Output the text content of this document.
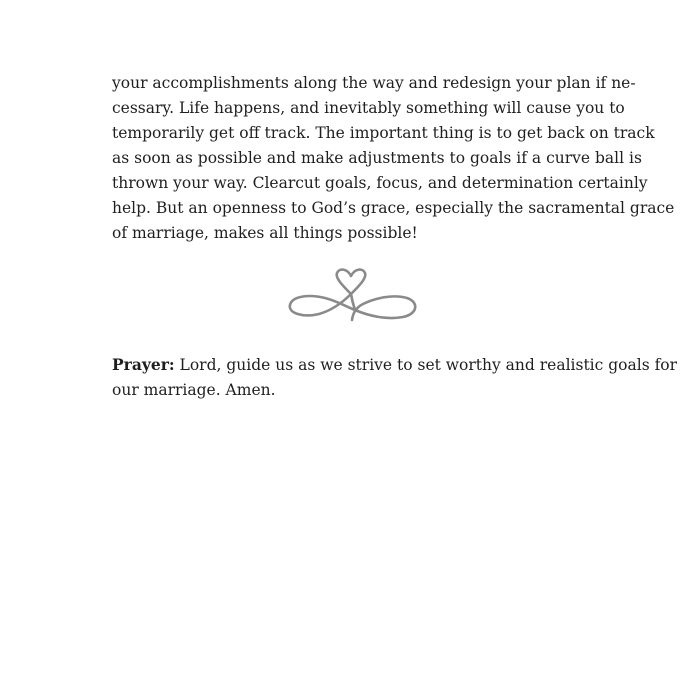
your accomplishments along the way and redesign your plan if ne-
cessary. Life happens, and inevitably something will cause you to
temporarily get off track. The important thing is to get back on track
as soon as possible and make adjustments to goals if a curve ball is
thrown your way. Clearcut goals, focus, and determination certainly
help. But an openness to God’s grace, especially the sacramental grace
of marriage, makes all things possible!
Prayer: Lord, guide us as we strive to set worthy and realistic goals for
our marriage. Amen.
